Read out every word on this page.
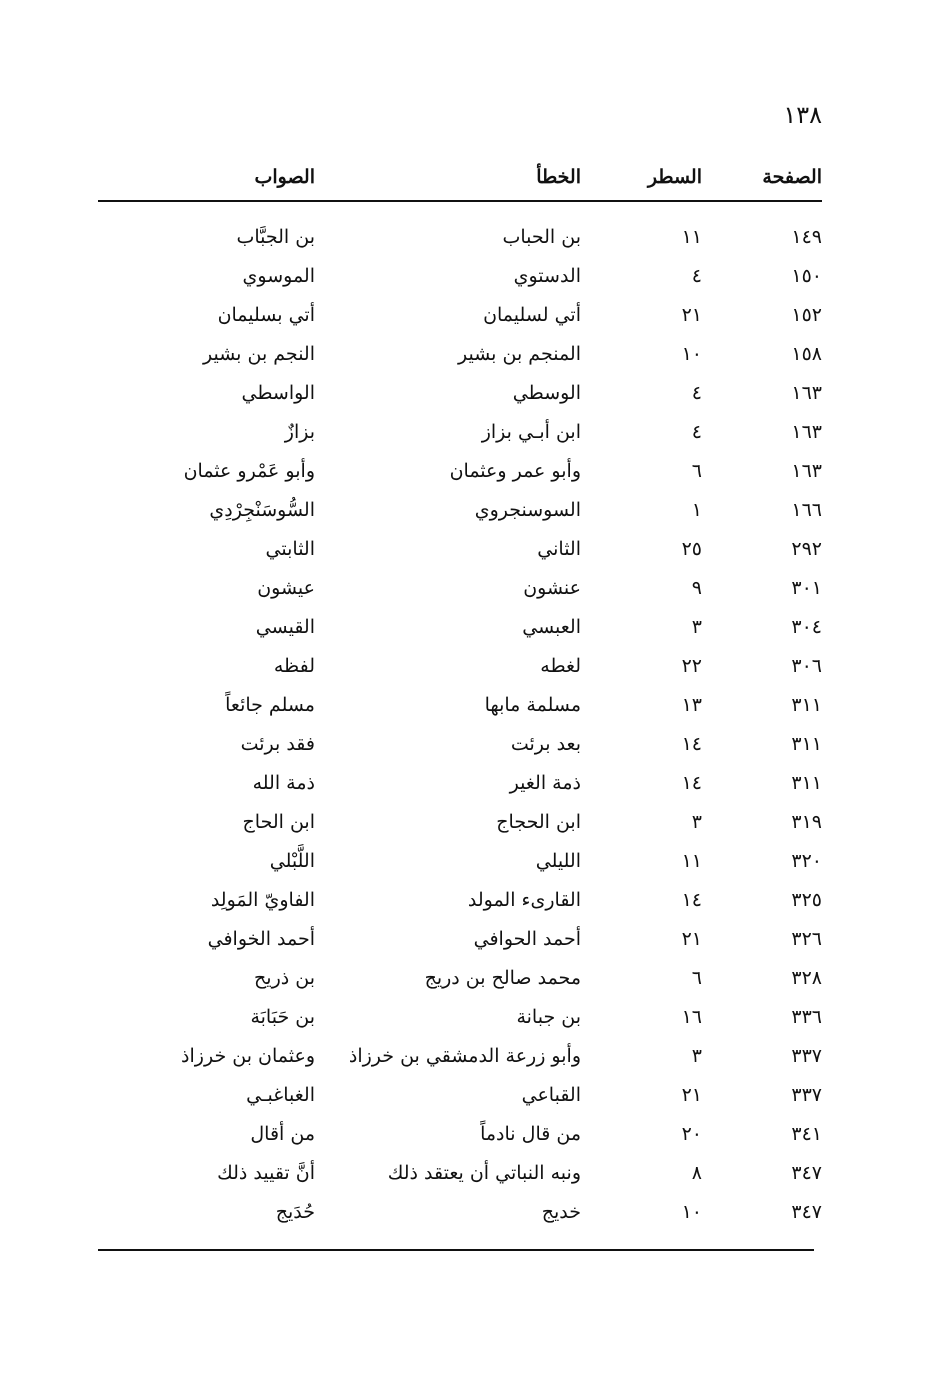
١٣٨
الصفحة
السطر
الخطأ
الصواب
١٤٩
١١
بن الحباب
بن الجبَّاب
١٥٠
٤
الدستوي
الموسوي
١٥٢
٢١
أتي لسليمان
أتي بسليمان
١٥٨
١٠
المنجم بن بشير
النجم بن بشير
١٦٣
٤
الوسطي
الواسطي
١٦٣
٤
ابن أبـي بزاز
بزازٌ
١٦٣
٦
وأبو عمر وعثمان
وأبو عَمْرو عثمان
١٦٦
١
السوسنجروي
السُّوسَنْجِرْدِي
٢٩٢
٢٥
الثاني
الثابتي
٣٠١
٩
عنشون
عيشون
٣٠٤
٣
العبسي
القيسي
٣٠٦
٢٢
لغطه
لفظه
٣١١
١٣
مسلمة مابها
مسلم جائعاً
٣١١
١٤
بعد برئت
فقد برئت
٣١١
١٤
ذمة الغير
ذمة الله
٣١٩
٣
ابن الحجاج
ابن الحاج
٣٢٠
١١
الليلي
اللَّبْلي
٣٢٥
١٤
القارىء المولد
الفاويّ المَولِد
٣٢٦
٢١
أحمد الحوافي
أحمد الخوافي
٣٢٨
٦
محمد صالح بن دريج
بن ذريح
٣٣٦
١٦
بن جبانة
بن حَبَابَة
٣٣٧
٣
وأبو زرعة الدمشقي بن خرزاذ
وعثمان بن خرزاذ
٣٣٧
٢١
القباعي
الغباغبـي
٣٤١
٢٠
من قال نادماً
من أقال
٣٤٧
٨
ونبه النباتي أن يعتقد ذلك
أنَّ تقييد ذلك
٣٤٧
١٠
خديج
حُدَيج
